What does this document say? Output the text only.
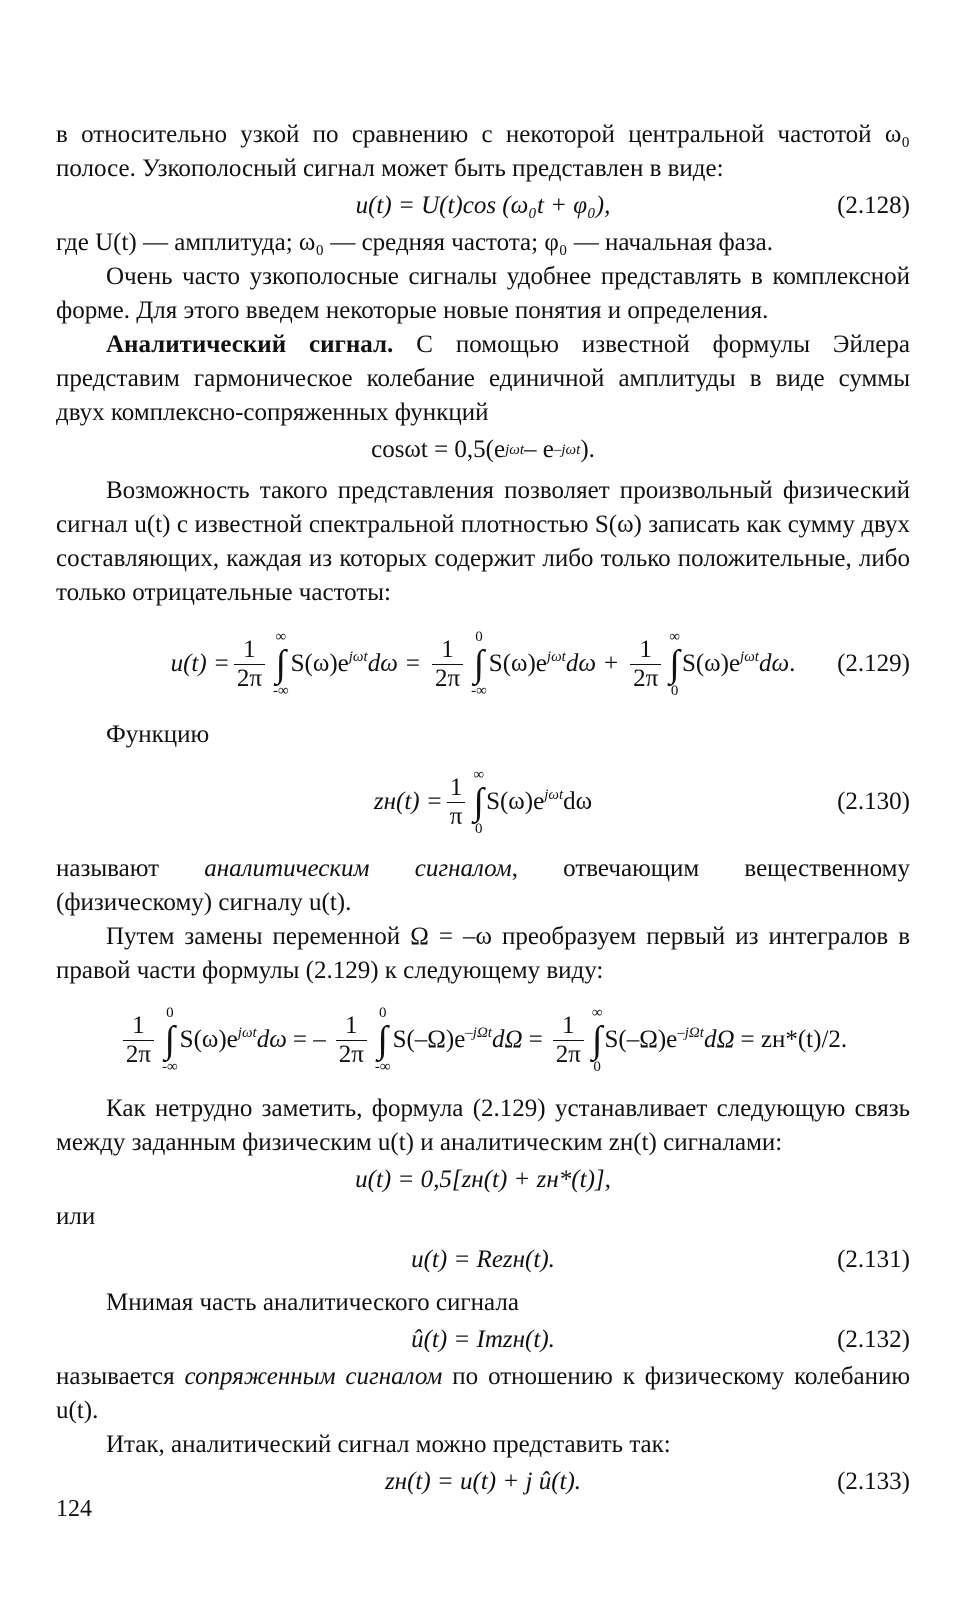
в относительно узкой по сравнению с некоторой центральной частотой ω₀ полосе. Узкополосный сигнал может быть представлен в виде:

u(t) = U(t)cos (ω₀t + φ₀),	(2.128)

где U(t) — амплитуда; ω₀ — средняя частота; φ₀ — начальная фаза.

Очень часто узкополосные сигналы удобнее представлять в комплексной форме. Для этого введем некоторые новые понятия и определения.

Аналитический сигнал. С помощью известной формулы Эйлера представим гармоническое колебание единичной амплитуды в виде суммы двух комплексно-сопряженных функций

cosωt = 0,5(e jωt – e –jωt ).

Возможность такого представления позволяет произвольный физический сигнал u(t) с известной спектральной плотностью S(ω) записать как сумму двух составляющих, каждая из которых содержит либо только положительные, либо только отрицательные частоты:

$u(t) = \frac{1}{2\pi}$ ∞
∫
-∞
$S(\omega)e^{j\omega t}d\omega = \frac{1}{2\pi} 0$
∫
-∞
$S(\omega)e^{j\omega t}d\omega + \frac{1}{2\pi}$ ∞
∫
0
$S(\omega)e^{j\omega t}d\omega$. (2.129)

Функцию

$zн(t) = \frac{1}{\pi}$ ∞
∫
0
$S(\omega)e^{j\omega t}d\omega$	(2.130)

называют аналитическим сигналом, отвечающим вещественному (физическому) сигналу u(t).

Путем замены переменной Ω = –ω преобразуем первый из интегралов в правой части формулы (2.129) к следующему виду:

$\frac{1}{2\pi} 0$
∫
-∞
$S(\omega)e^{j\omega t}d\omega$ = – $\frac{1}{2\pi} 0$
∫
-∞
$S(-\Omega)e^{-j\Omega t}d\Omega = \frac{1}{2\pi}$ ∞
∫
0
$S(-\Omega)e^{-j\Omega t}d\Omega = zн*(t)/2$.

Как нетрудно заметить, формула (2.129) устанавливает следующую связь между заданным физическим u(t) и аналитическим zн(t) сигналами:

u(t) = 0,5[zн(t) + zн*(t)],

или

u(t) = Rezн(t).	(2.131)

Мнимая часть аналитического сигнала

û(t) = Imzн(t).	(2.132)

называется сопряженным сигналом по отношению к физическому колебанию u(t).

Итак, аналитический сигнал можно представить так:

zн(t) = u(t) + j û(t).	(2.133)
124
